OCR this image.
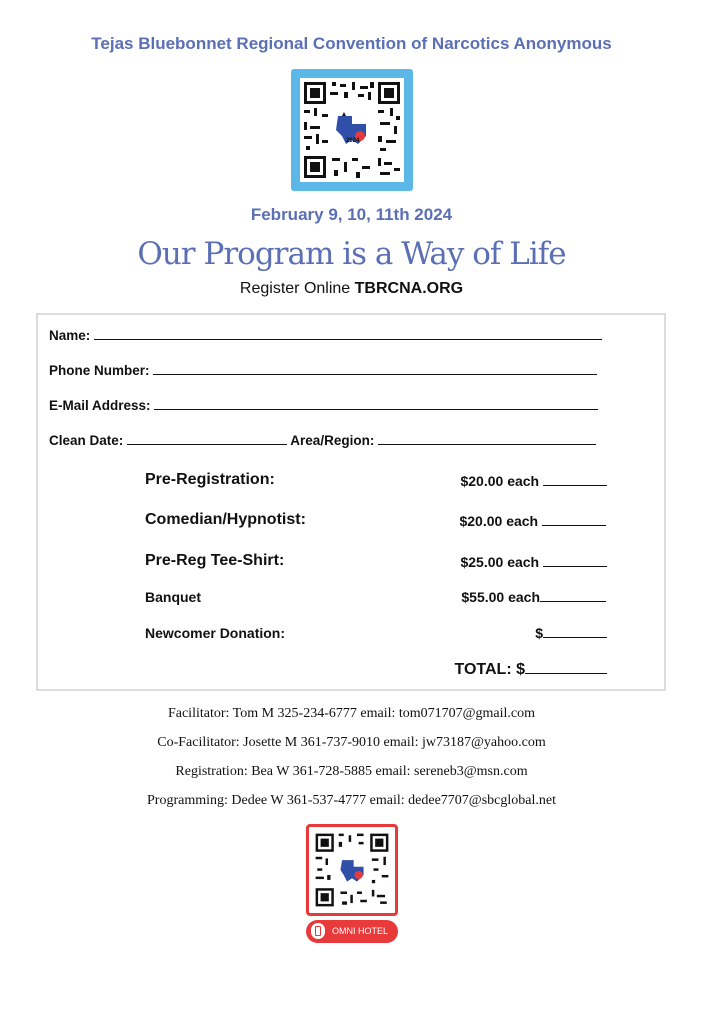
Tejas Bluebonnet Regional Convention of Narcotics Anonymous
2024
February 9, 10, 11th 2024
Our Program is a Way of Life
Register Online TBRCNA.ORG
Name:
Phone Number:
E-Mail Address:
Clean Date:	Area/Region:
Pre-Registration:	$20.00 each
Comedian/Hypnotist:	$20.00 each
Pre-Reg Tee-Shirt:	$25.00 each
Banquet	$55.00 each
Newcomer Donation:	$
TOTAL: $
Facilitator: Tom M 325-234-6777 email: tom071707@gmail.com
Co-Facilitator: Josette M 361-737-9010 email: jw73187@yahoo.com
Registration: Bea W 361-728-5885 email: sereneb3@msn.com
Programming: Dedee W 361-537-4777 email: dedee7707@sbcglobal.net
OMNI HOTEL
